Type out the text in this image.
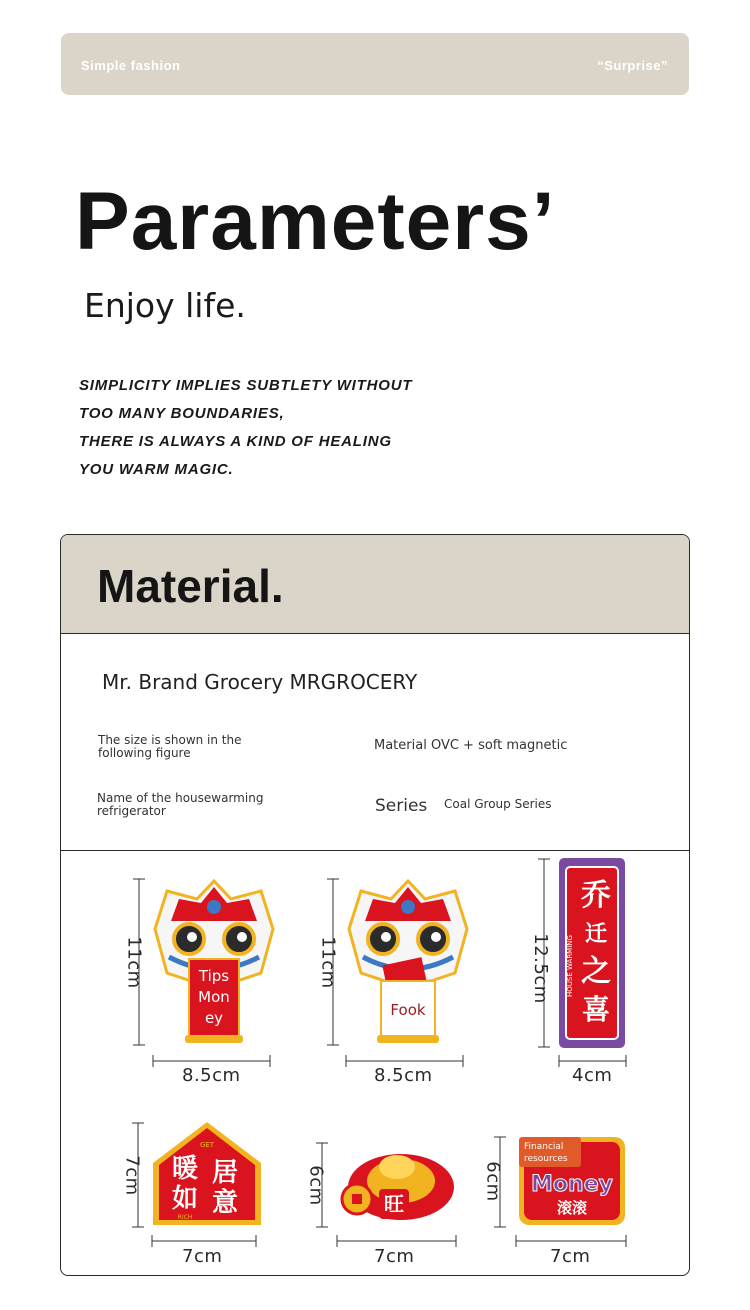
Simple fashion	“Surprise”
Parameters’
Enjoy life.
SIMPLICITY IMPLIES SUBTLETY WITHOUT
TOO MANY BOUNDARIES,
THERE IS ALWAYS A KIND OF HEALING
YOU WARM MAGIC.
Material.
Mr. Brand Grocery MRGROCERY
The size is shown in the following figure	Material OVC + soft magnetic
Name of the housewarming refrigerator	Series Coal Group Series
Tips
Mon
ey
11cm
8.5cm
Fook
11cm
8.5cm
乔
迁
之
喜
HOUSE WARMING
12.5cm
4cm
GET
暖 居
如 意
RICH
7cm
7cm
旺
6cm
7cm
Financial
resources
Money
滚滚
6cm
7cm
